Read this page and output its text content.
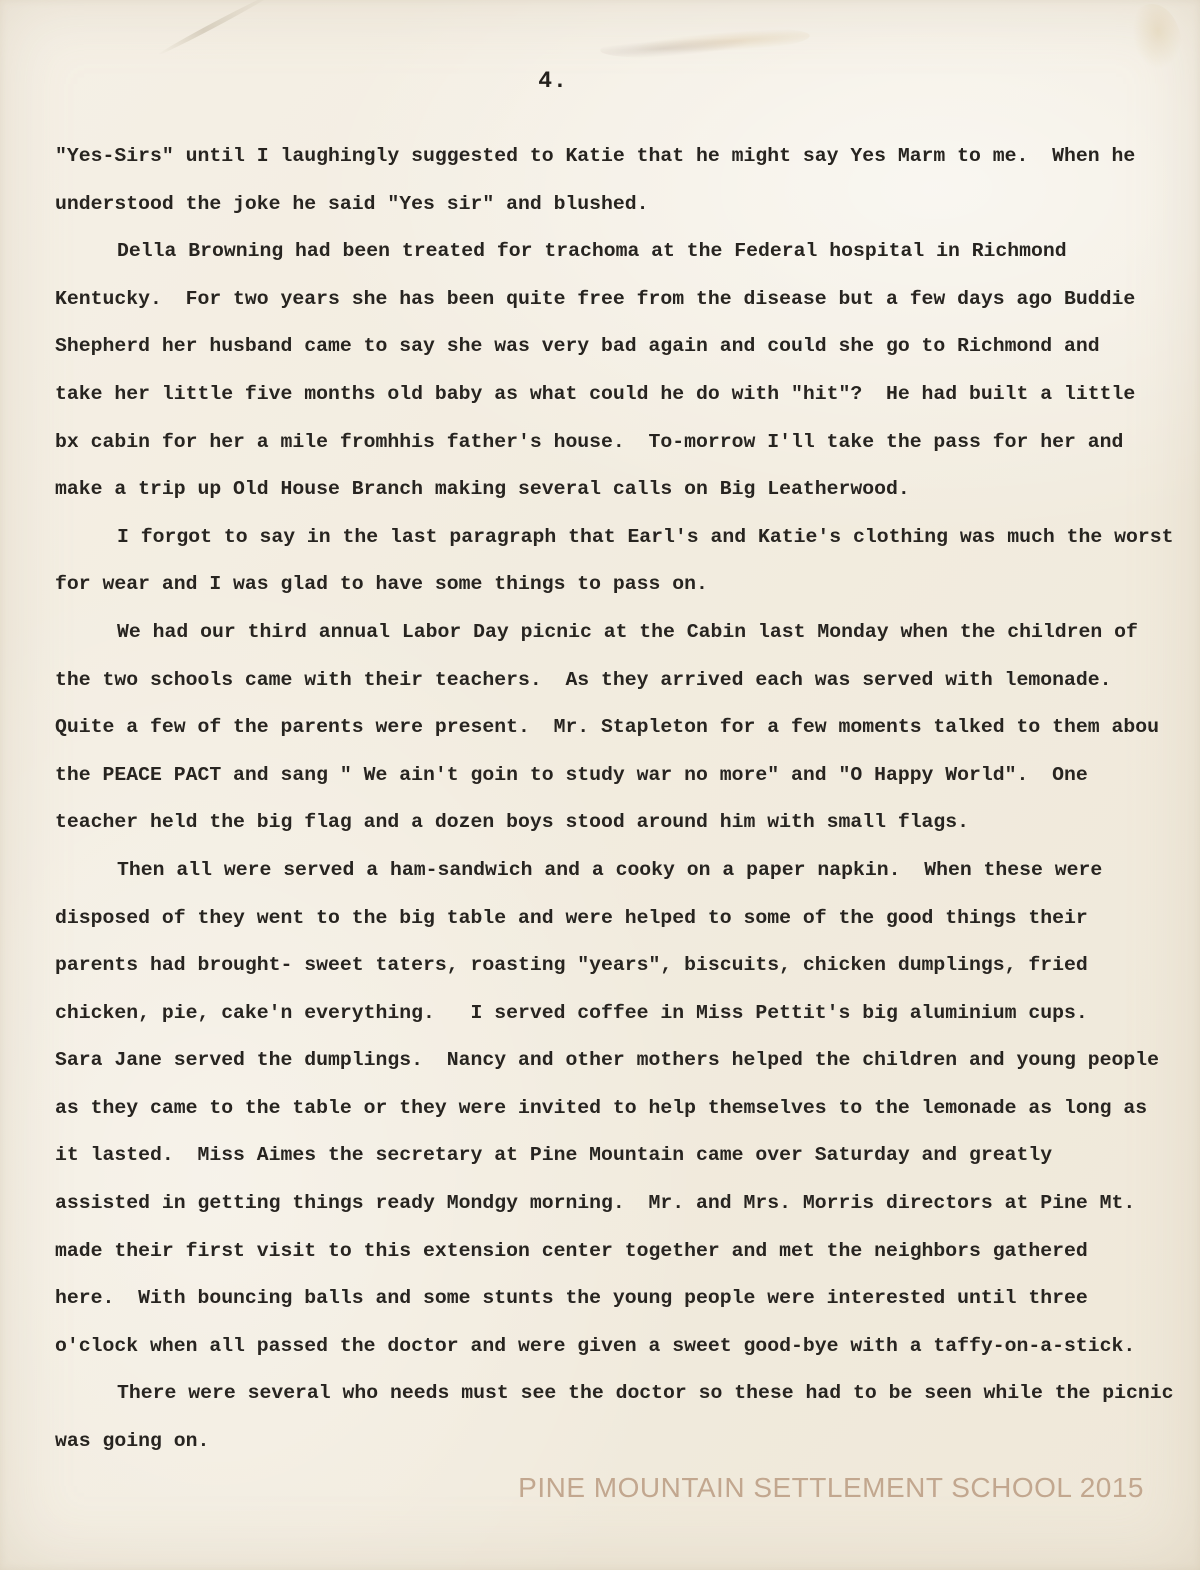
4.
"Yes-Sirs" until I laughingly suggested to Katie that he might say Yes Marm to me.  When he
understood the joke he said "Yes sir" and blushed.
Della Browning had been treated for trachoma at the Federal hospital in Richmond
Kentucky.  For two years she has been quite free from the disease but a few days ago Buddie
Shepherd her husband came to say she was very bad again and could she go to Richmond and
take her little five months old baby as what could he do with "hit"?  He had built a little
bx cabin for her a mile fromhhis father's house.  To-morrow I'll take the pass for her and
make a trip up Old House Branch making several calls on Big Leatherwood.
I forgot to say in the last paragraph that Earl's and Katie's clothing was much the worst
for wear and I was glad to have some things to pass on.
We had our third annual Labor Day picnic at the Cabin last Monday when the children of
the two schools came with their teachers.  As they arrived each was served with lemonade.
Quite a few of the parents were present.  Mr. Stapleton for a few moments talked to them abou
the PEACE PACT and sang " We ain't goin to study war no more" and "O Happy World".  One
teacher held the big flag and a dozen boys stood around him with small flags.
Then all were served a ham-sandwich and a cooky on a paper napkin.  When these were
disposed of they went to the big table and were helped to some of the good things their
parents had brought- sweet taters, roasting "years", biscuits, chicken dumplings, fried
chicken, pie, cake'n everything.   I served coffee in Miss Pettit's big aluminium cups.
Sara Jane served the dumplings.  Nancy and other mothers helped the children and young people
as they came to the table or they were invited to help themselves to the lemonade as long as
it lasted.  Miss Aimes the secretary at Pine Mountain came over Saturday and greatly
assisted in getting things ready Mondgy morning.  Mr. and Mrs. Morris directors at Pine Mt.
made their first visit to this extension center together and met the neighbors gathered
here.  With bouncing balls and some stunts the young people were interested until three
o'clock when all passed the doctor and were given a sweet good-bye with a taffy-on-a-stick.
There were several who needs must see the doctor so these had to be seen while the picnic
was going on.
PINE MOUNTAIN SETTLEMENT SCHOOL 2015
